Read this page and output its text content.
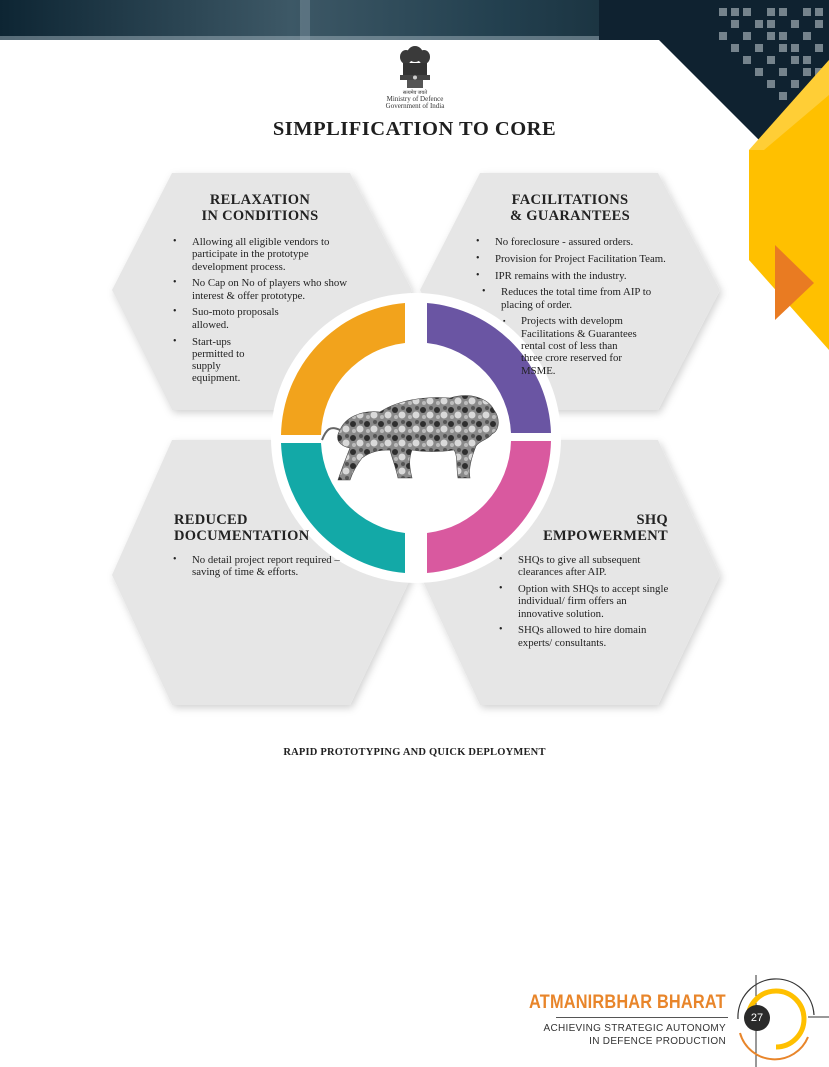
सत्यमेव जयते
Ministry of Defence
Government of India
SIMPLIFICATION TO CORE
RELAXATION
IN CONDITIONS
• Allowing all eligible vendors to participate in the prototype development process.
• No Cap on No of players who show interest & offer prototype.
• Suo-moto proposals allowed.
• Start-ups permitted to supply equipment.
FACILITATIONS
& GUARANTEES
• No foreclosure - assured orders.
• Provision for Project Facilitation Team.
• IPR remains with the industry.
• Reduces the total time from AIP to placing of order.
▪ Projects with developm Facilitations & Guarantees rental cost of less than three crore reserved for MSME.
REDUCED
DOCUMENTATION
• No detail project report required – saving of time & efforts.
SHQ
EMPOWERMENT
• SHQs to give all subsequent clearances after AIP.
• Option with SHQs to accept single individual/ firm offers an innovative solution.
• SHQs allowed to hire domain experts/ consultants.
RAPID PROTOTYPING AND QUICK DEPLOYMENT
27
ATMANIRBHAR BHARAT
ACHIEVING STRATEGIC AUTONOMY
IN DEFENCE PRODUCTION
